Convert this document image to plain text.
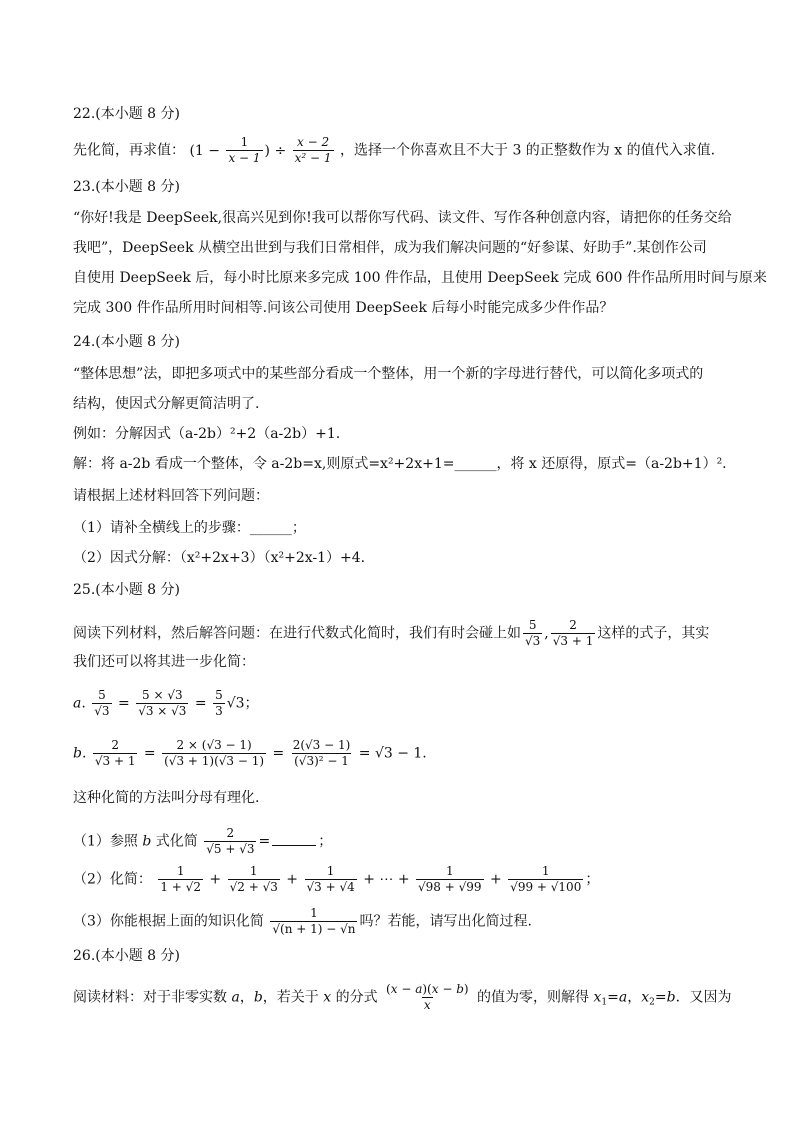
22.(本小题 8 分)
先化简，再求值： ($1 - \frac{1}{x - 1}$ ) ÷ $\frac{x - 2}{\text{x² − 1}}$ ，选择一个你喜欢且不大于 3 的正整数作为 x 的值代入求值.
23.(本小题 8 分)
“你好!我是 DeepSeek,很高兴见到你!我可以帮你写代码、读文件、写作各种创意内容，请把你的任务交给
我吧”，DeepSeek 从横空出世到与我们日常相伴，成为我们解决问题的“好参谋、好助手”.某创作公司
自使用 DeepSeek 后，每小时比原来多完成 100 件作品，且使用 DeepSeek 完成 600 件作品所用时间与原来
完成 300 件作品所用时间相等.问该公司使用 DeepSeek 后每小时能完成多少件作品？
24.(本小题 8 分)
“整体思想”法，即把多项式中的某些部分看成一个整体，用一个新的字母进行替代，可以简化多项式的
结构，使因式分解更简洁明了.
例如：分解因式（a-2b）²+2（a-2b）+1.
解：将 a-2b 看成一个整体，令 a-2b=x,则原式=x²+2x+1=______，将 x 还原得，原式=（a-2b+1）².
请根据上述材料回答下列问题：
（1）请补全横线上的步骤：______；
（2）因式分解：（x²+2x+3）（x²+2x-1）+4.
25.(本小题 8 分)
阅读下列材料，然后解答问题：在进行代数式化简时，我们有时会碰上如 $\frac{5}{√3}$ , $\frac{2}{√3 + 1}$ 这样的式子，其实
我们还可以将其进一步化简：
a. $\frac{5}{√3} = \frac{5 \times √3}{√3 \times √3} = \frac{5}{3} √3$；
b. $\frac{2}{√3 + 1} = \frac{2 \times (√3 - 1)}{(√3 + 1)(√3 - 1)} = \frac{2(√3 - 1)}{\text{(√3)² − 1}} = √3 - 1$.
这种化简的方法叫分母有理化.
（1）参照 b 式化简 $\frac{2}{√5 + √3}$ =	；
（2）化简： $\frac{1}{1 + √2} + \frac{1}{√2 + √3} + \frac{1}{√3 + √4}$ + ⋯ + $\frac{1}{√98 + √99} + \frac{1}{√99 + √100}$ ；
（3）你能根据上面的知识化简 $\frac{1}{√(n + 1) - √n}$ 吗？若能，请写出化简过程.
26.(本小题 8 分)
阅读材料：对于非零实数 a，b，若关于 x 的分式 $\frac{(x - a)(x - b)}{x}$ 的值为零，则解得 $x_1=a$，$x_2=b$．又因为
